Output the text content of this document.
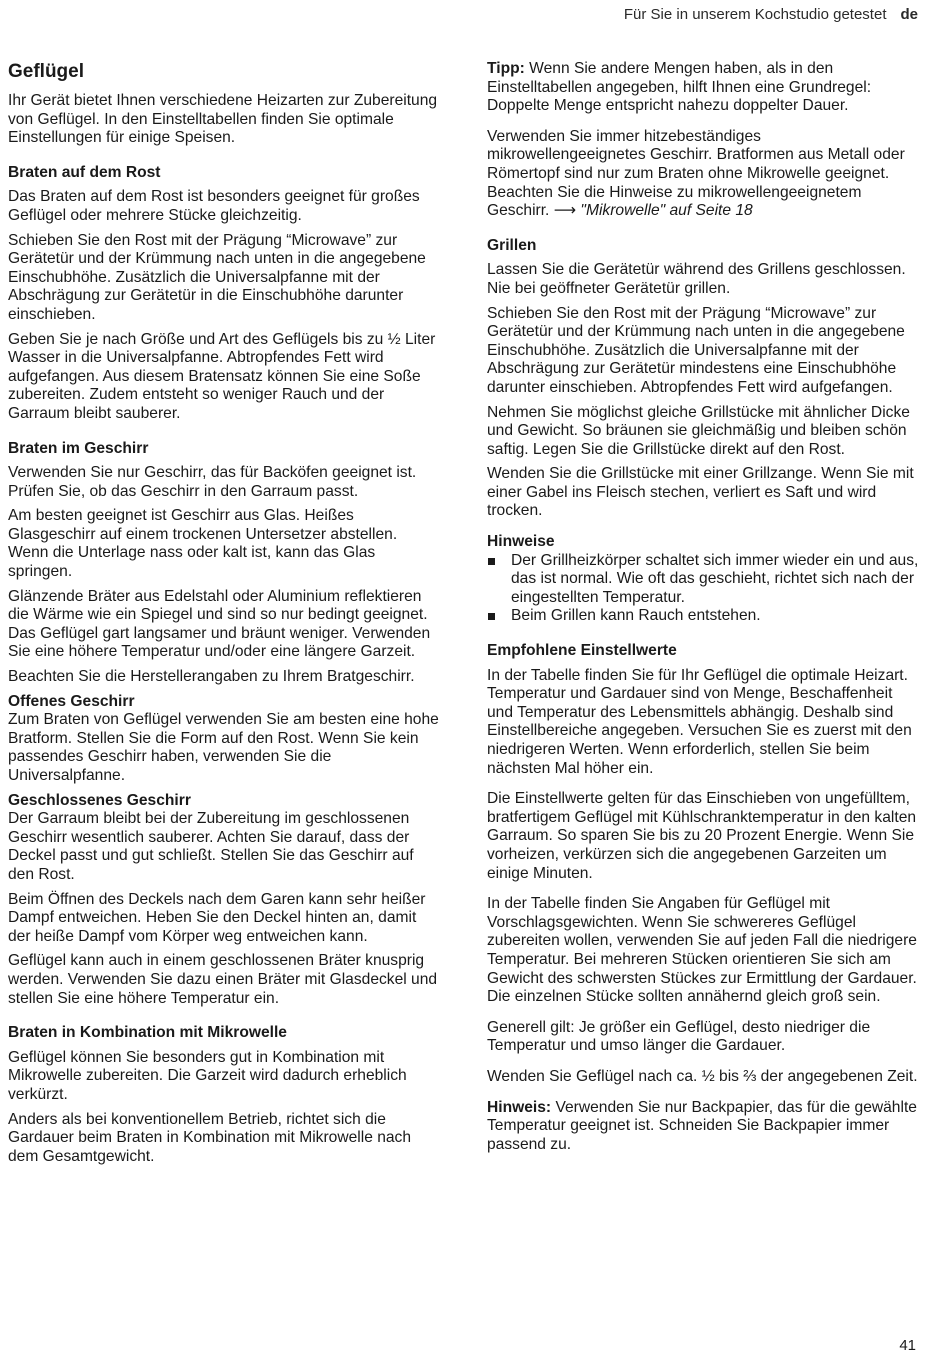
Für Sie in unserem Kochstudio getestet de
Geflügel

Ihr Gerät bietet Ihnen verschiedene Heizarten zur Zubereitung von Geflügel. In den Einstelltabellen finden Sie optimale Einstellungen für einige Speisen.

Braten auf dem Rost

Das Braten auf dem Rost ist besonders geeignet für großes Geflügel oder mehrere Stücke gleichzeitig.

Schieben Sie den Rost mit der Prägung “Microwave” zur Gerätetür und der Krümmung nach unten in die angegebene Einschubhöhe. Zusätzlich die Universalpfanne mit der Abschrägung zur Gerätetür in die Einschubhöhe darunter einschieben.

Geben Sie je nach Größe und Art des Geflügels bis zu ½ Liter Wasser in die Universalpfanne. Abtropfendes Fett wird aufgefangen. Aus diesem Bratensatz können Sie eine Soße zubereiten. Zudem entsteht so weniger Rauch und der Garraum bleibt sauberer.

Braten im Geschirr

Verwenden Sie nur Geschirr, das für Backöfen geeignet ist. Prüfen Sie, ob das Geschirr in den Garraum passt.

Am besten geeignet ist Geschirr aus Glas. Heißes Glasgeschirr auf einem trockenen Untersetzer abstellen. Wenn die Unterlage nass oder kalt ist, kann das Glas springen.

Glänzende Bräter aus Edelstahl oder Aluminium reflektieren die Wärme wie ein Spiegel und sind so nur bedingt geeignet. Das Geflügel gart langsamer und bräunt weniger. Verwenden Sie eine höhere Temperatur und/oder eine längere Garzeit.

Beachten Sie die Herstellerangaben zu Ihrem Bratgeschirr.

Offenes Geschirr

Zum Braten von Geflügel verwenden Sie am besten eine hohe Bratform. Stellen Sie die Form auf den Rost. Wenn Sie kein passendes Geschirr haben, verwenden Sie die Universalpfanne.

Geschlossenes Geschirr

Der Garraum bleibt bei der Zubereitung im geschlossenen Geschirr wesentlich sauberer. Achten Sie darauf, dass der Deckel passt und gut schließt. Stellen Sie das Geschirr auf den Rost.

Beim Öffnen des Deckels nach dem Garen kann sehr heißer Dampf entweichen. Heben Sie den Deckel hinten an, damit der heiße Dampf vom Körper weg entweichen kann.

Geflügel kann auch in einem geschlossenen Bräter knusprig werden. Verwenden Sie dazu einen Bräter mit Glasdeckel und stellen Sie eine höhere Temperatur ein.

Braten in Kombination mit Mikrowelle

Geflügel können Sie besonders gut in Kombination mit Mikrowelle zubereiten. Die Garzeit wird dadurch erheblich verkürzt.

Anders als bei konventionellem Betrieb, richtet sich die Gardauer beim Braten in Kombination mit Mikrowelle nach dem Gesamtgewicht.

Tipp: Wenn Sie andere Mengen haben, als in den Einstelltabellen angegeben, hilft Ihnen eine Grundregel: Doppelte Menge entspricht nahezu doppelter Dauer.

Verwenden Sie immer hitzebeständiges mikrowellengeeignetes Geschirr. Bratformen aus Metall oder Römertopf sind nur zum Braten ohne Mikrowelle geeignet. Beachten Sie die Hinweise zu mikrowellengeeignetem Geschirr. ⟶ "Mikrowelle" auf Seite 18

Grillen

Lassen Sie die Gerätetür während des Grillens geschlossen. Nie bei geöffneter Gerätetür grillen.

Schieben Sie den Rost mit der Prägung “Microwave” zur Gerätetür und der Krümmung nach unten in die angegebene Einschubhöhe. Zusätzlich die Universalpfanne mit der Abschrägung zur Gerätetür mindestens eine Einschubhöhe darunter einschieben. Abtropfendes Fett wird aufgefangen.

Nehmen Sie möglichst gleiche Grillstücke mit ähnlicher Dicke und Gewicht. So bräunen sie gleichmäßig und bleiben schön saftig. Legen Sie die Grillstücke direkt auf den Rost.

Wenden Sie die Grillstücke mit einer Grillzange. Wenn Sie mit einer Gabel ins Fleisch stechen, verliert es Saft und wird trocken.

Hinweise
Der Grillheizkörper schaltet sich immer wieder ein und aus, das ist normal. Wie oft das geschieht, richtet sich nach der eingestellten Temperatur.
Beim Grillen kann Rauch entstehen.
Empfohlene Einstellwerte

In der Tabelle finden Sie für Ihr Geflügel die optimale Heizart. Temperatur und Gardauer sind von Menge, Beschaffenheit und Temperatur des Lebensmittels abhängig. Deshalb sind Einstellbereiche angegeben. Versuchen Sie es zuerst mit den niedrigeren Werten. Wenn erforderlich, stellen Sie beim nächsten Mal höher ein.

Die Einstellwerte gelten für das Einschieben von ungefülltem, bratfertigem Geflügel mit Kühlschranktemperatur in den kalten Garraum. So sparen Sie bis zu 20 Prozent Energie. Wenn Sie vorheizen, verkürzen sich die angegebenen Garzeiten um einige Minuten.

In der Tabelle finden Sie Angaben für Geflügel mit Vorschlagsgewichten. Wenn Sie schwereres Geflügel zubereiten wollen, verwenden Sie auf jeden Fall die niedrigere Temperatur. Bei mehreren Stücken orientieren Sie sich am Gewicht des schwersten Stückes zur Ermittlung der Gardauer. Die einzelnen Stücke sollten annähernd gleich groß sein.

Generell gilt: Je größer ein Geflügel, desto niedriger die Temperatur und umso länger die Gardauer.

Wenden Sie Geflügel nach ca. ½ bis ⅔ der angegebenen Zeit.

Hinweis: Verwenden Sie nur Backpapier, das für die gewählte Temperatur geeignet ist. Schneiden Sie Backpapier immer passend zu.

41
